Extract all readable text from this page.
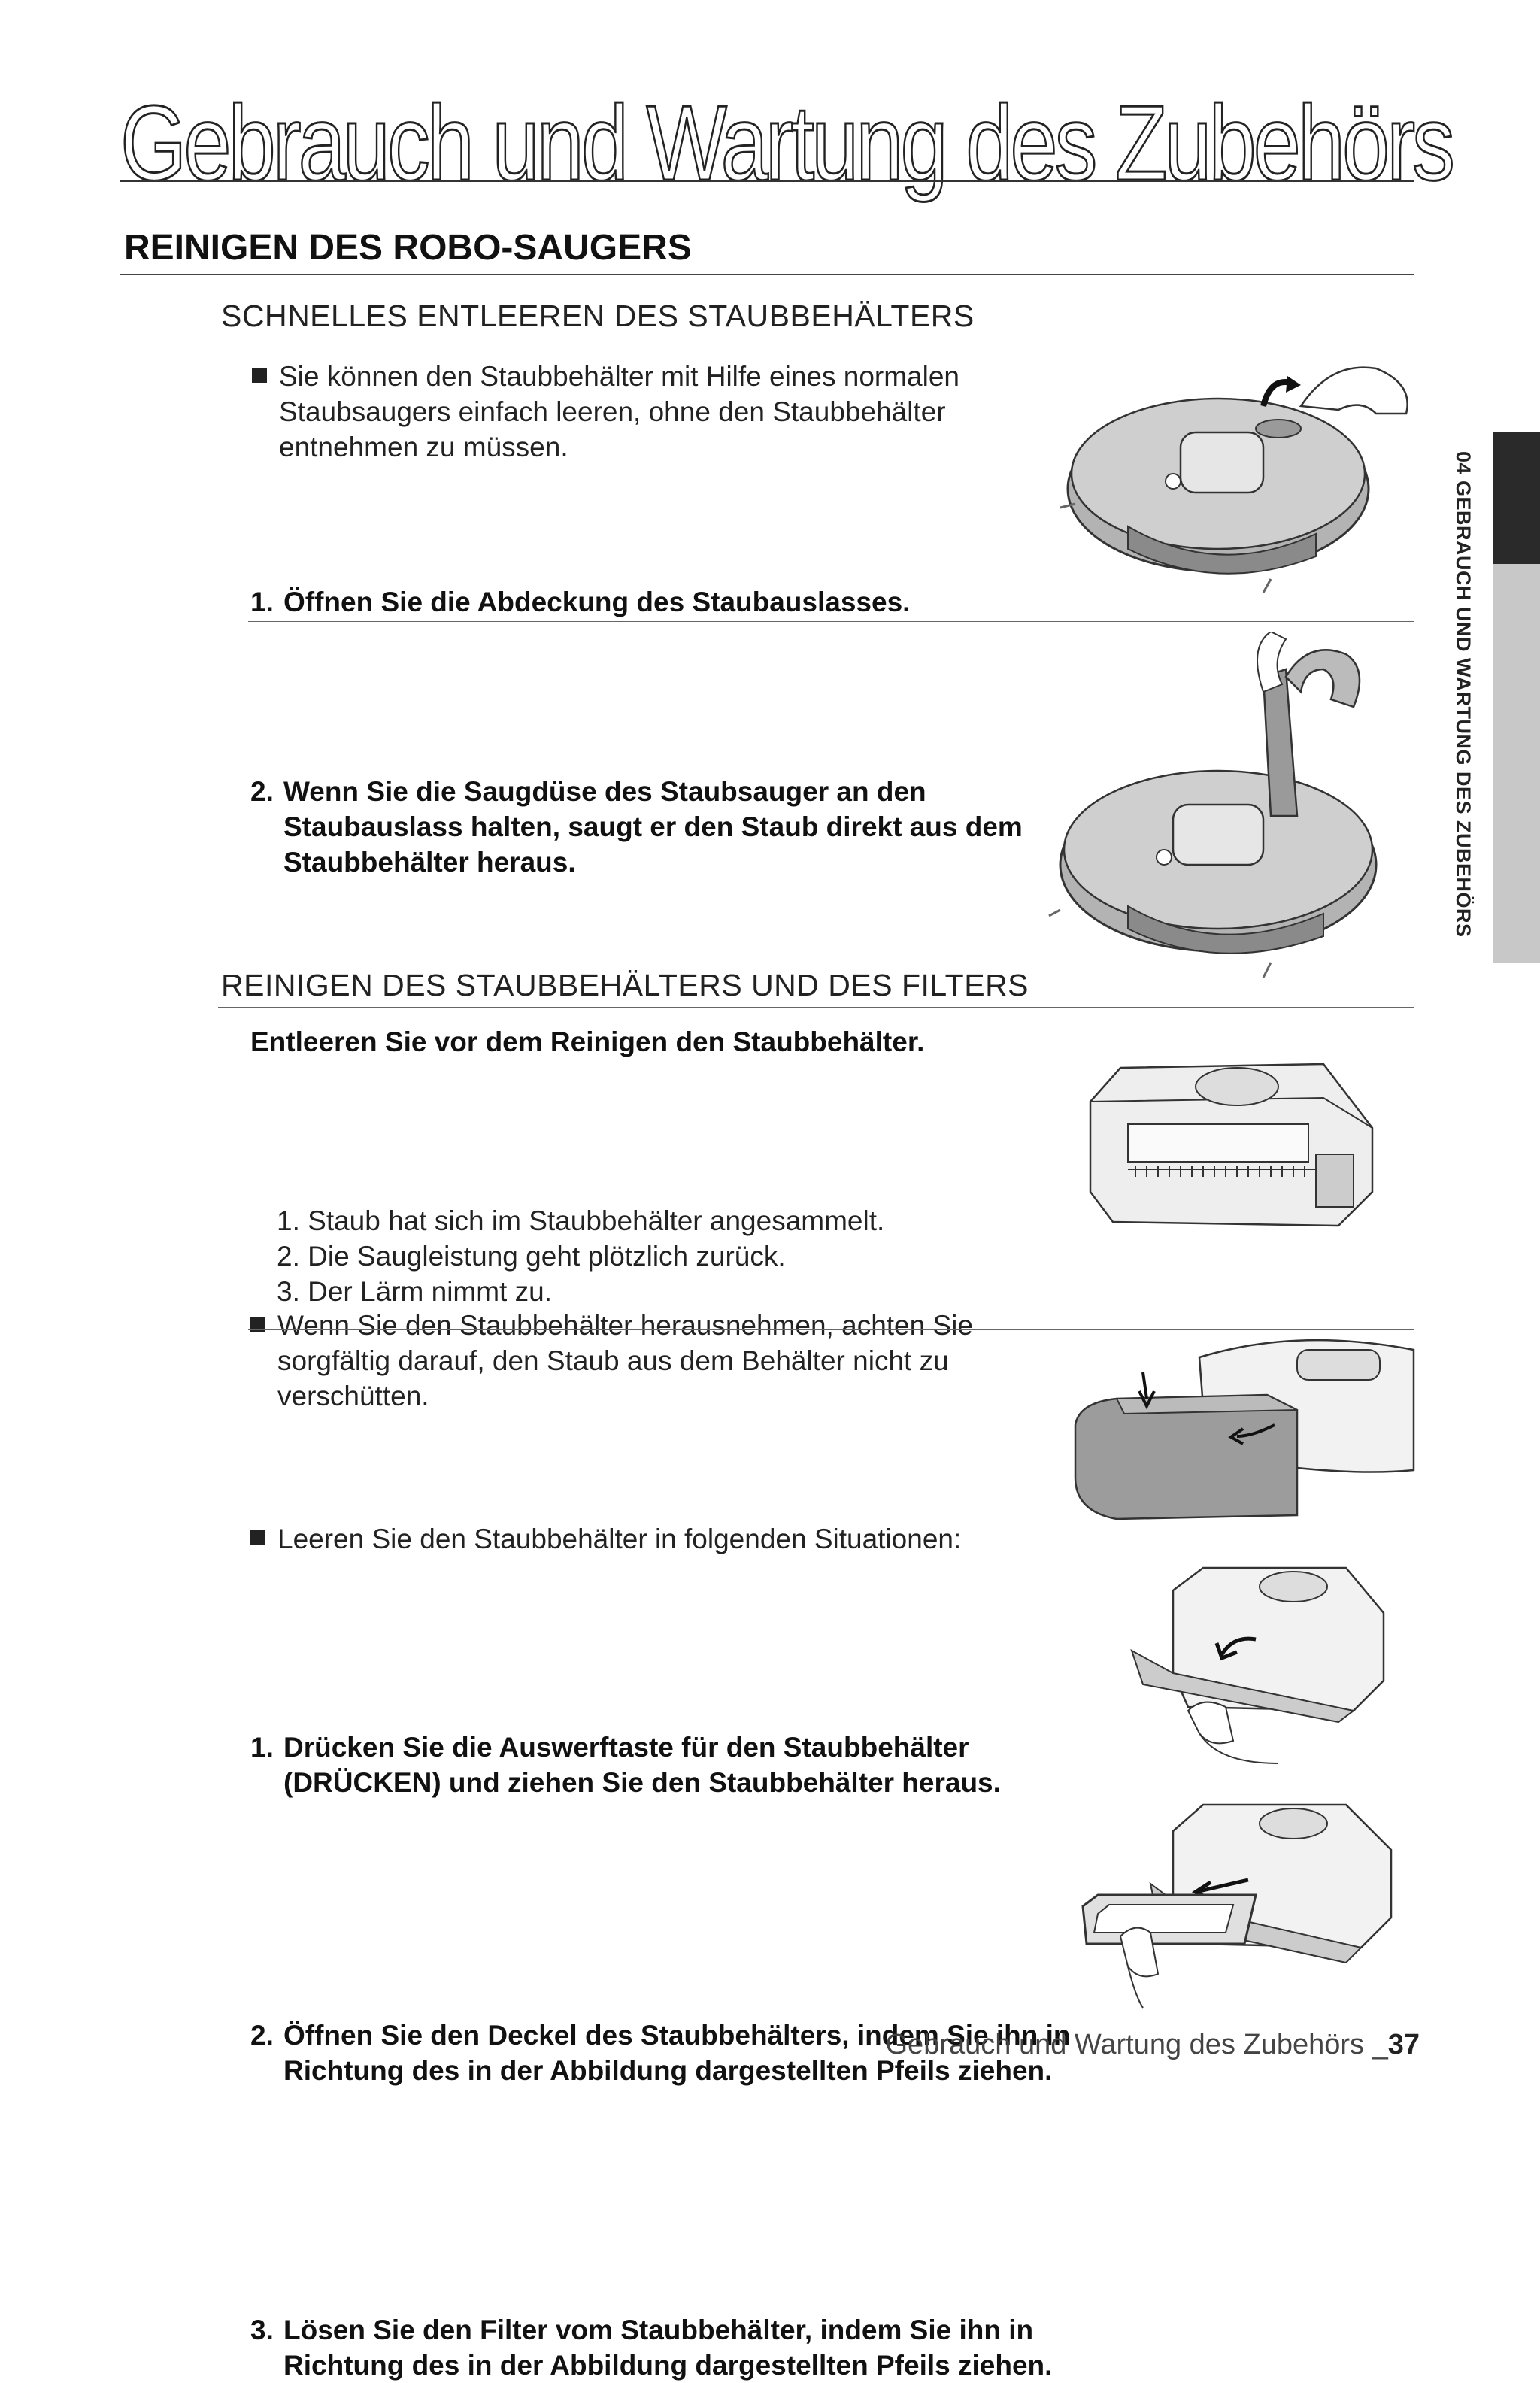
Gebrauch und Wartung des Zubehörs
REINIGEN DES ROBO-SAUGERS
04 GEBRAUCH UND WARTUNG DES ZUBEHÖRS
SCHNELLES ENTLEEREN DES STAUBBEHÄLTERS
Sie können den Staubbehälter mit Hilfe eines normalen Staubsaugers einfach leeren, ohne den Staubbehälter entnehmen zu müssen.
1. Öffnen Sie die Abdeckung des Staubauslasses.
2. Wenn Sie die Saugdüse des Staubsauger an den Staubauslass halten, saugt er den Staub direkt aus dem Staubbehälter heraus.
REINIGEN DES STAUBBEHÄLTERS UND DES FILTERS
Entleeren Sie vor dem Reinigen den Staubbehälter.
Wenn Sie den Staubbehälter herausnehmen, achten Sie sorgfältig darauf, den Staub aus dem Behälter nicht zu verschütten.
Leeren Sie den Staubbehälter in folgenden Situationen:
1. Staub hat sich im Staubbehälter angesammelt.
2. Die Saugleistung geht plötzlich zurück.
3. Der Lärm nimmt zu.
1. Drücken Sie die Auswerftaste für den Staubbehälter (DRÜCKEN) und ziehen Sie den Staubbehälter heraus.
2. Öffnen Sie den Deckel des Staubbehälters, indem Sie ihn in Richtung des in der Abbildung dargestellten Pfeils ziehen.
3. Lösen Sie den Filter vom Staubbehälter, indem Sie ihn in Richtung des in der Abbildung dargestellten Pfeils ziehen.
Gebrauch und Wartung des Zubehörs _37
